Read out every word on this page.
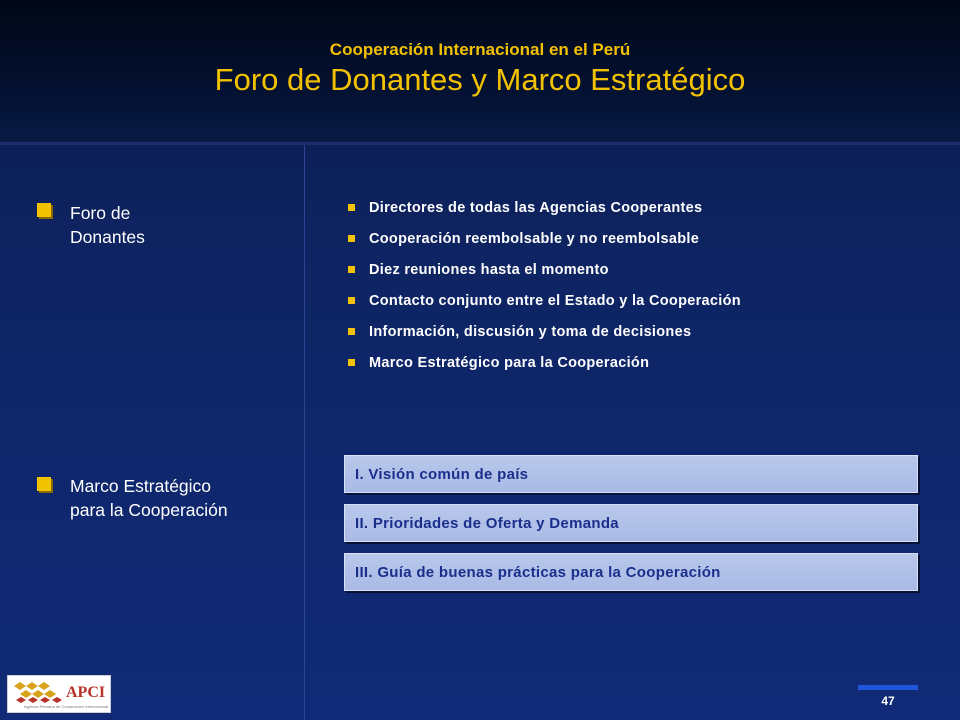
Cooperación Internacional en el Perú
Foro de Donantes y Marco Estratégico
Foro de
Donantes
Marco Estratégico
para la Cooperación
Directores de todas las Agencias Cooperantes
Cooperación reembolsable y no reembolsable
Diez reuniones hasta el momento
Contacto conjunto entre el Estado y la Cooperación
Información, discusión y toma de decisiones
Marco Estratégico para la Cooperación
I. Visión común de país
II. Prioridades de Oferta y Demanda
III. Guía de buenas prácticas para la Cooperación
APCI
Agencia Peruana de Cooperación Internacional	47
